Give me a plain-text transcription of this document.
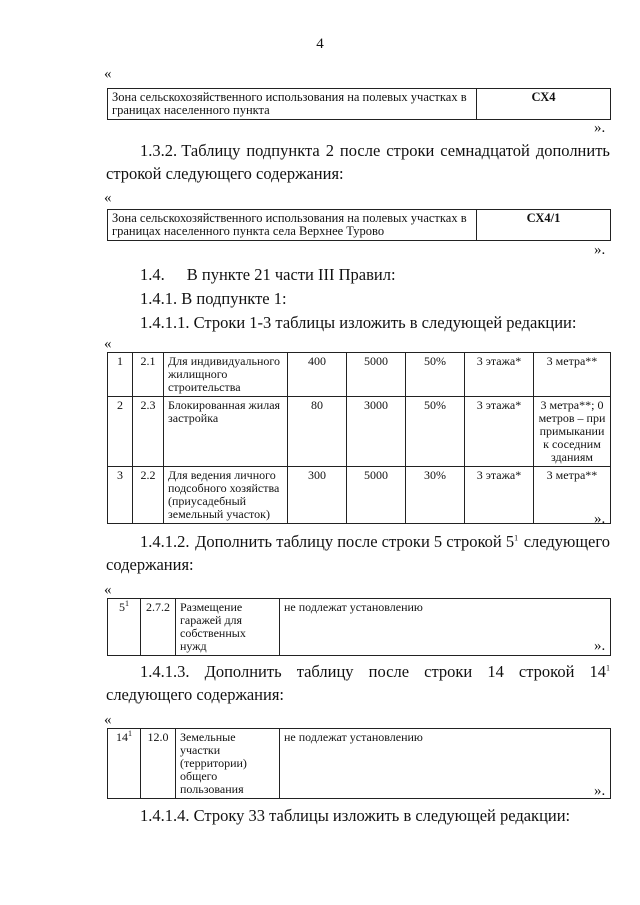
4
«
Зона сельскохозяйственного использования на полевых участках в границах населенного пункта	СХ4
».
1.3.2. Таблицу подпункта 2 после строки семнадцатой дополнить
строкой следующего содержания:
«
Зона сельскохозяйственного использования на полевых участках в границах населенного пункта села Верхнее Турово	СХ4/1
».
1.4. В пункте 21 части III Правил:
1.4.1. В подпункте 1:
1.4.1.1. Строки 1-3 таблицы изложить в следующей редакции:
«
1	2.1	Для индивидуального жилищного строительства	400	5000	50%	3 этажа*	3 метра**
2	2.3	Блокированная жилая застройка	80	3000	50%	3 этажа*	3 метра**; 0 метров – при примыкании к соседним зданиям
3	2.2	Для ведения личного подсобного хозяйства (приусадебный земельный участок)	300	5000	30%	3 этажа*	3 метра**
».
1.4.1.2. Дополнить таблицу после строки 5 строкой $5^1$ следующего
содержания:
«
$5^1$	2.7.2	Размещение гаражей для собственных нужд	не подлежат установлению
».
1.4.1.3. Дополнить таблицу после строки 14 строкой $14^1$
следующего содержания:
«
$14^1$	12.0	Земельные участки (территории) общего пользования	не подлежат установлению
».
1.4.1.4. Строку 33 таблицы изложить в следующей редакции:
